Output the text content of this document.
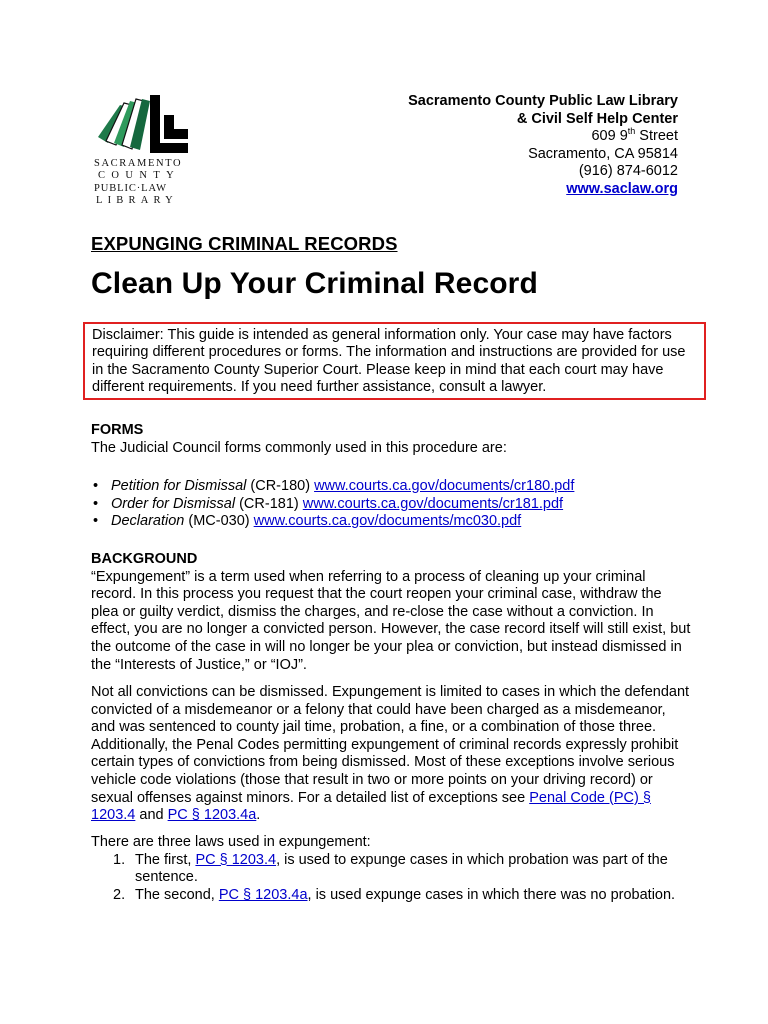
SACRAMENTO
COUNTY
PUBLIC·LAW
LIBRARY
Sacramento County Public Law Library
& Civil Self Help Center
609 9th Street
Sacramento, CA 95814
(916) 874-6012
www.saclaw.org
EXPUNGING CRIMINAL RECORDS
Clean Up Your Criminal Record
Disclaimer: This guide is intended as general information only. Your case may have factors requiring different procedures or forms. The information and instructions are provided for use in the Sacramento County Superior Court. Please keep in mind that each court may have different requirements. If you need further assistance, consult a lawyer.

FORMS

The Judicial Council forms commonly used in this procedure are:

• Petition for Dismissal (CR-180) www.courts.ca.gov/documents/cr180.pdf
• Order for Dismissal (CR-181) www.courts.ca.gov/documents/cr181.pdf
• Declaration (MC-030) www.courts.ca.gov/documents/mc030.pdf

BACKGROUND

“Expungement” is a term used when referring to a process of cleaning up your criminal record. In this process you request that the court reopen your criminal case, withdraw the plea or guilty verdict, dismiss the charges, and re-close the case without a conviction. In effect, you are no longer a convicted person. However, the case record itself will still exist, but the outcome of the case in will no longer be your plea or conviction, but instead dismissed in the “Interests of Justice,” or “IOJ”.

Not all convictions can be dismissed. Expungement is limited to cases in which the defendant convicted of a misdemeanor or a felony that could have been charged as a misdemeanor, and was sentenced to county jail time, probation, a fine, or a combination of those three. Additionally, the Penal Codes permitting expungement of criminal records expressly prohibit certain types of convictions from being dismissed. Most of these exceptions involve serious vehicle code violations (those that result in two or more points on your driving record) or sexual offenses against minors. For a detailed list of exceptions see Penal Code (PC) § 1203.4 and PC § 1203.4a.

There are three laws used in expungement:

1. The first, PC § 1203.4, is used to expunge cases in which probation was part of the sentence.
2. The second, PC § 1203.4a, is used expunge cases in which there was no probation.
